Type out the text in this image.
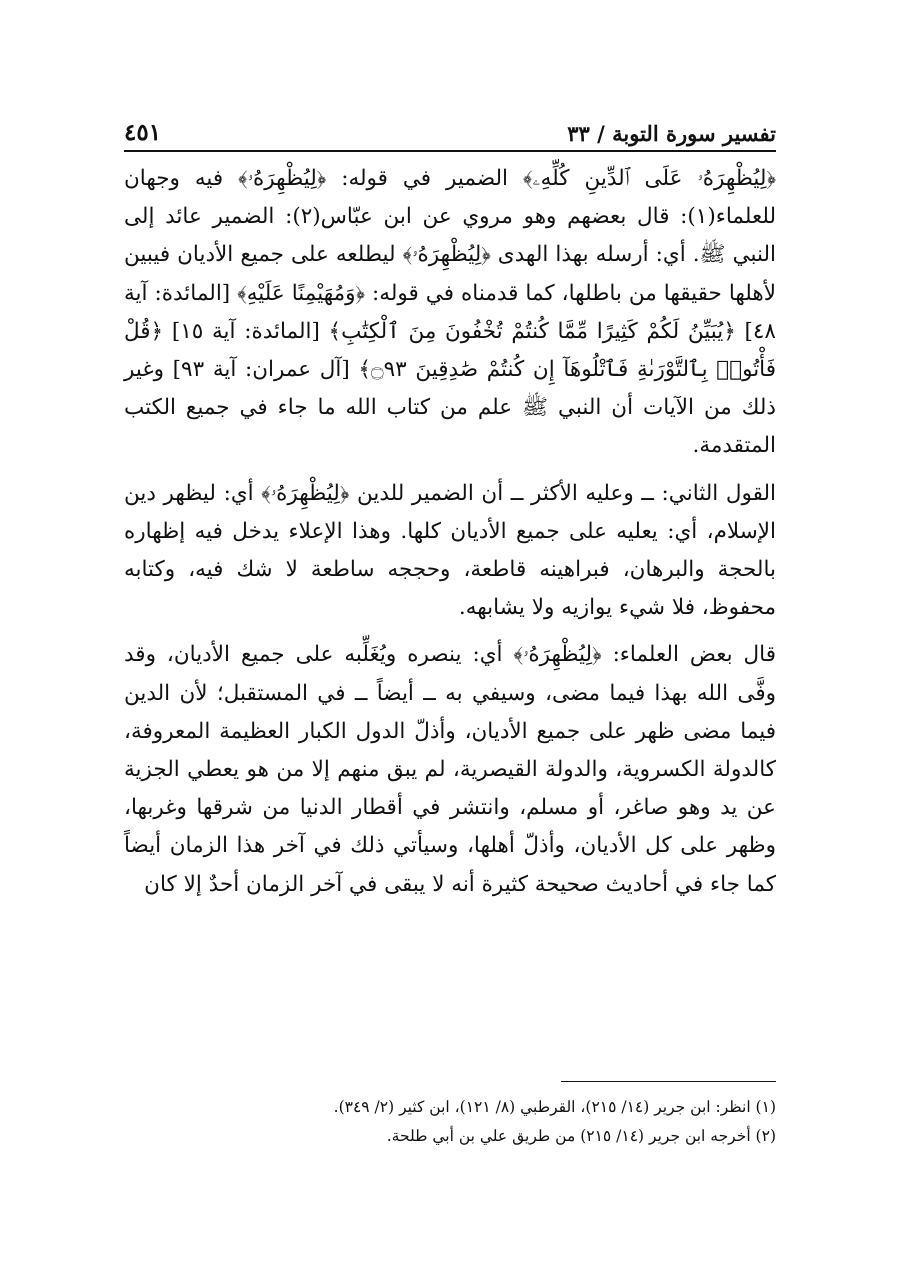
تفسير سورة التوبة / ٣٣
٤٥١

﴿لِيُظْهِرَهُۥ عَلَى ٱلدِّينِ كُلِّهِۦ﴾ الضمير في قوله: ﴿لِيُظْهِرَهُۥ﴾ فيه وجهان للعلماء(١): قال بعضهم وهو مروي عن ابن عبّاس(٢): الضمير عائد إلى النبي ﷺ. أي: أرسله بهذا الهدى ﴿لِيُظْهِرَهُۥ﴾ ليطلعه على جميع الأديان فيبين لأهلها حقيقها من باطلها، كما قدمناه في قوله: ﴿وَمُهَيْمِنًا عَلَيْهِ﴾ [المائدة: آية ٤٨] ﴿يُبَيِّنُ لَكُمْ كَثِيرًا مِّمَّا كُنتُمْ تُخْفُونَ مِنَ ٱلْكِتَٰبِ﴾ [المائدة: آية ١٥] ﴿قُلْ فَأْتُوا۟ بِٱلتَّوْرَىٰةِ فَٱتْلُوهَآ إِن كُنتُمْ صَٰدِقِينَ ۝٩٣﴾ [آل عمران: آية ٩٣] وغير ذلك من الآيات أن النبي ﷺ علم من كتاب الله ما جاء في جميع الكتب المتقدمة.

القول الثاني: ــ وعليه الأكثر ــ أن الضمير للدين ﴿لِيُظْهِرَهُۥ﴾ أي: ليظهر دين الإسلام، أي: يعليه على جميع الأديان كلها. وهذا الإعلاء يدخل فيه إظهاره بالحجة والبرهان، فبراهينه قاطعة، وحججه ساطعة لا شك فيه، وكتابه محفوظ، فلا شيء يوازيه ولا يشابهه.

قال بعض العلماء: ﴿لِيُظْهِرَهُۥ﴾ أي: ينصره ويُغَلِّبه على جميع الأديان، وقد وفَّى الله بهذا فيما مضى، وسيفي به ــ أيضاً ــ في المستقبل؛ لأن الدين فيما مضى ظهر على جميع الأديان، وأذلّ الدول الكبار العظيمة المعروفة، كالدولة الكسروية، والدولة القيصرية، لم يبق منهم إلا من هو يعطي الجزية عن يد وهو صاغر، أو مسلم، وانتشر في أقطار الدنيا من شرقها وغربها، وظهر على كل الأديان، وأذلّ أهلها، وسيأتي ذلك في آخر هذا الزمان أيضاً كما جاء في أحاديث صحيحة كثيرة أنه لا يبقى في آخر الزمان أحدٌ إلا كان

(١) انظر: ابن جرير (١٤/ ٢١٥)، القرطبي (٨/ ١٢١)، ابن كثير (٢/ ٣٤٩).

(٢) أخرجه ابن جرير (١٤/ ٢١٥) من طريق علي بن أبي طلحة.
